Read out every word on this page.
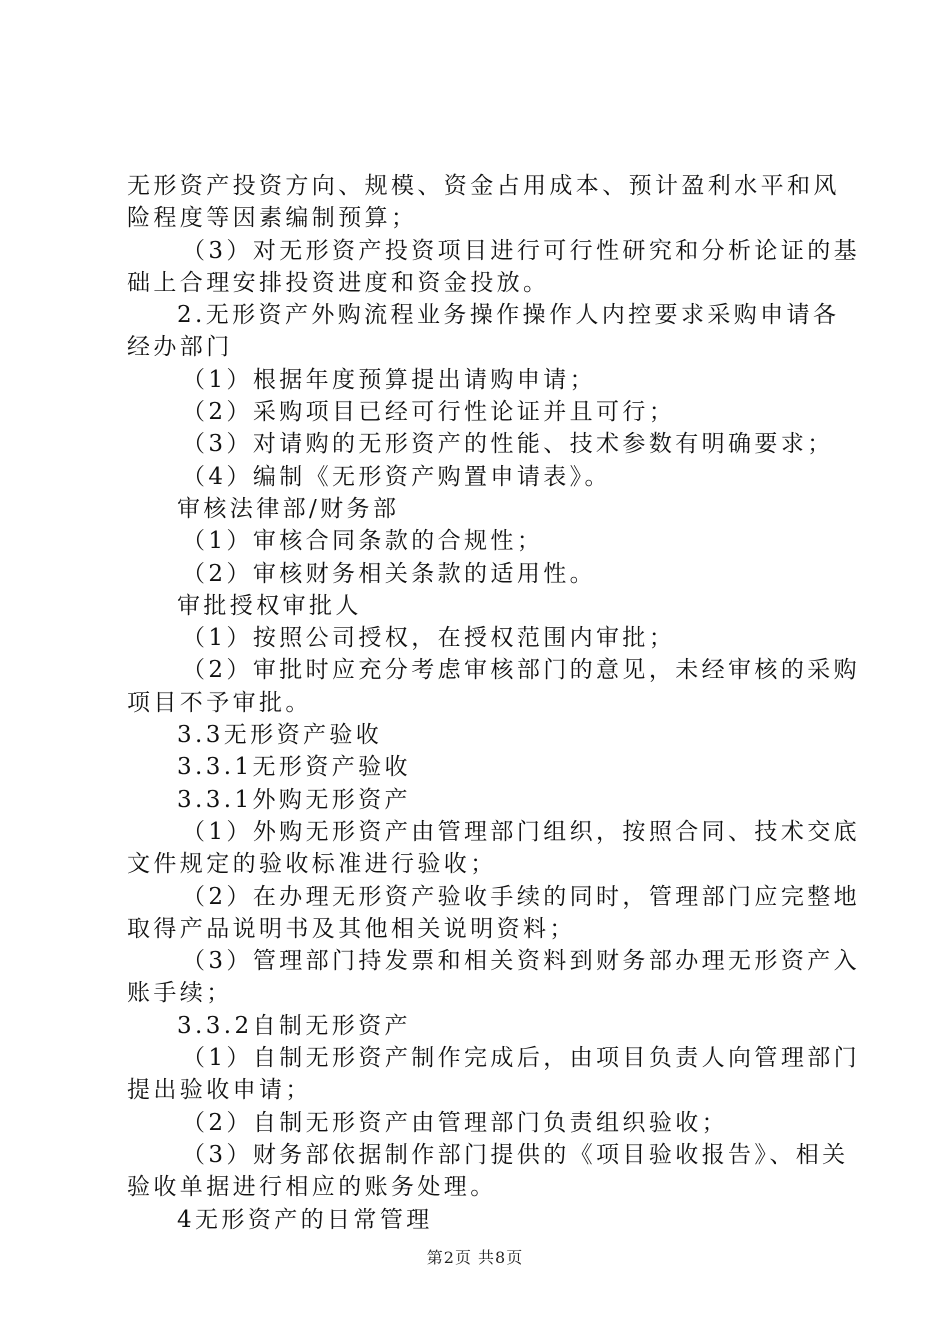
无形资产投资方向、规模、资金占用成本、预计盈利水平和风
险程度等因素编制预算；
（3）对无形资产投资项目进行可行性研究和分析论证的基
础上合理安排投资进度和资金投放。
2.无形资产外购流程业务操作操作人内控要求采购申请各
经办部门
（1）根据年度预算提出请购申请；
（2）采购项目已经可行性论证并且可行；
（3）对请购的无形资产的性能、技术参数有明确要求；
（4）编制《无形资产购置申请表》。
审核法律部/财务部
（1）审核合同条款的合规性；
（2）审核财务相关条款的适用性。
审批授权审批人
（1）按照公司授权，在授权范围内审批；
（2）审批时应充分考虑审核部门的意见，未经审核的采购
项目不予审批。
3.3无形资产验收
3.3.1无形资产验收
3.3.1外购无形资产
（1）外购无形资产由管理部门组织，按照合同、技术交底
文件规定的验收标准进行验收；
（2）在办理无形资产验收手续的同时，管理部门应完整地
取得产品说明书及其他相关说明资料；
（3）管理部门持发票和相关资料到财务部办理无形资产入
账手续；
3.3.2自制无形资产
（1）自制无形资产制作完成后，由项目负责人向管理部门
提出验收申请；
（2）自制无形资产由管理部门负责组织验收；
（3）财务部依据制作部门提供的《项目验收报告》、相关
验收单据进行相应的账务处理。
4无形资产的日常管理
第2页 共8页
